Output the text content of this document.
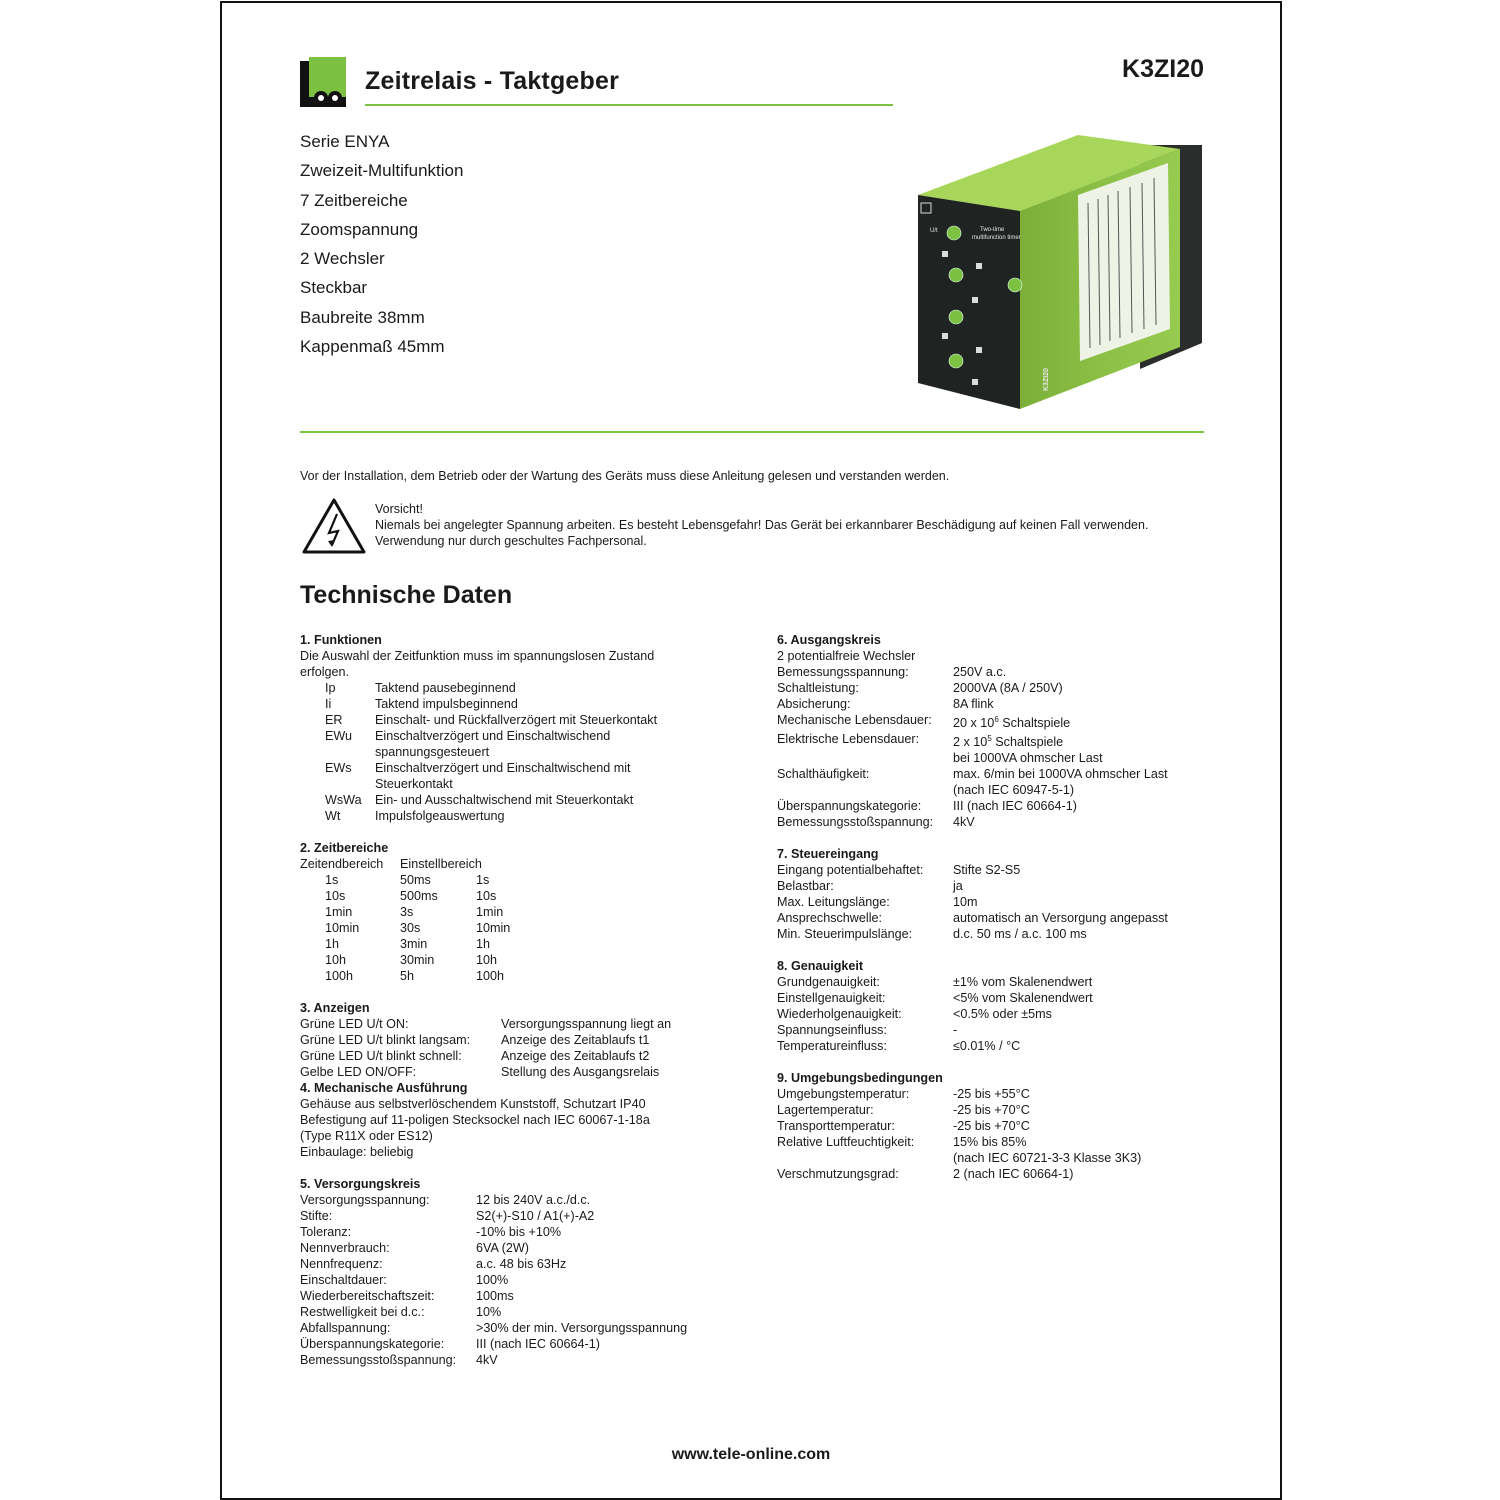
Zeitrelais - Taktgeber	K3ZI20
Serie ENYA
Zweizeit-Multifunktion
7 Zeitbereiche
Zoomspannung
2 Wechsler
Steckbar
Baubreite 38mm
Kappenmaß 45mm
U/t	Two-time
multifunction timer
K3ZI20
Vor der Installation, dem Betrieb oder der Wartung des Geräts muss diese Anleitung gelesen und verstanden werden.
Vorsicht!
Niemals bei angelegter Spannung arbeiten. Es besteht Lebensgefahr! Das Gerät bei erkannbarer Beschädigung auf keinen Fall verwenden.
Verwendung nur durch geschultes Fachpersonal.
Technische Daten
1. Funktionen
Die Auswahl der Zeitfunktion muss im spannungslosen Zustand erfolgen.
Ip	Taktend pausebeginnend
Ii	Taktend impulsbeginnend
ER	Einschalt- und Rückfallverzögert mit Steuerkontakt
EWu	Einschaltverzögert und Einschaltwischend spannungsgesteuert
EWs	Einschaltverzögert und Einschaltwischend mit Steuerkontakt
WsWa	Ein- und Ausschaltwischend mit Steuerkontakt
Wt	Impulsfolgeauswertung
2. Zeitbereiche
Zeitendbereich	Einstellbereich
1s	50ms	1s
10s	500ms	10s
1min	3s	1min
10min	30s	10min
1h	3min	1h
10h	30min	10h
100h	5h	100h
3. Anzeigen
Grüne LED U/t ON:	Versorgungsspannung liegt an
Grüne LED U/t blinkt langsam:	Anzeige des Zeitablaufs t1
Grüne LED U/t blinkt schnell:	Anzeige des Zeitablaufs t2
Gelbe LED ON/OFF:	Stellung des Ausgangsrelais
4. Mechanische Ausführung
Gehäuse aus selbstverlöschendem Kunststoff, Schutzart IP40
Befestigung auf 11-poligen Stecksockel nach IEC 60067-1-18a
(Type R11X oder ES12)
Einbaulage: beliebig
5. Versorgungskreis
Versorgungsspannung:	12 bis 240V a.c./d.c.
Stifte:	S2(+)-S10 / A1(+)-A2
Toleranz:	-10% bis +10%
Nennverbrauch:	6VA (2W)
Nennfrequenz:	a.c. 48 bis 63Hz
Einschaltdauer:	100%
Wiederbereitschaftszeit:	100ms
Restwelligkeit bei d.c.:	10%
Abfallspannung:	>30% der min. Versorgungsspannung
Überspannungskategorie:	III (nach IEC 60664-1)
Bemessungsstoßspannung:	4kV
6. Ausgangskreis
2 potentialfreie Wechsler
Bemessungsspannung:	250V a.c.
Schaltleistung:	2000VA (8A / 250V)
Absicherung:	8A flink
Mechanische Lebensdauer:	20 x $10^6$ Schaltspiele
Elektrische Lebensdauer:	2 x $10^5$ Schaltspiele
bei 1000VA ohmscher Last
Schalthäufigkeit:	max. 6/min bei 1000VA ohmscher Last
(nach IEC 60947-5-1)
Überspannungskategorie:	III (nach IEC 60664-1)
Bemessungsstoßspannung:	4kV
7. Steuereingang
Eingang potentialbehaftet:	Stifte S2-S5
Belastbar:	ja
Max. Leitungslänge:	10m
Ansprechschwelle:	automatisch an Versorgung angepasst
Min. Steuerimpulslänge:	d.c. 50 ms / a.c. 100 ms
8. Genauigkeit
Grundgenauigkeit:	±1% vom Skalenendwert
Einstellgenauigkeit:	<5% vom Skalenendwert
Wiederholgenauigkeit:	<0.5% oder ±5ms
Spannungseinfluss:	-
Temperatureinfluss:	≤0.01% / °C
9. Umgebungsbedingungen
Umgebungstemperatur:	-25 bis +55°C
Lagertemperatur:	-25 bis +70°C
Transporttemperatur:	-25 bis +70°C
Relative Luftfeuchtigkeit:	15% bis 85%
(nach IEC 60721-3-3 Klasse 3K3)
Verschmutzungsgrad:	2 (nach IEC 60664-1)
www.tele-online.com
